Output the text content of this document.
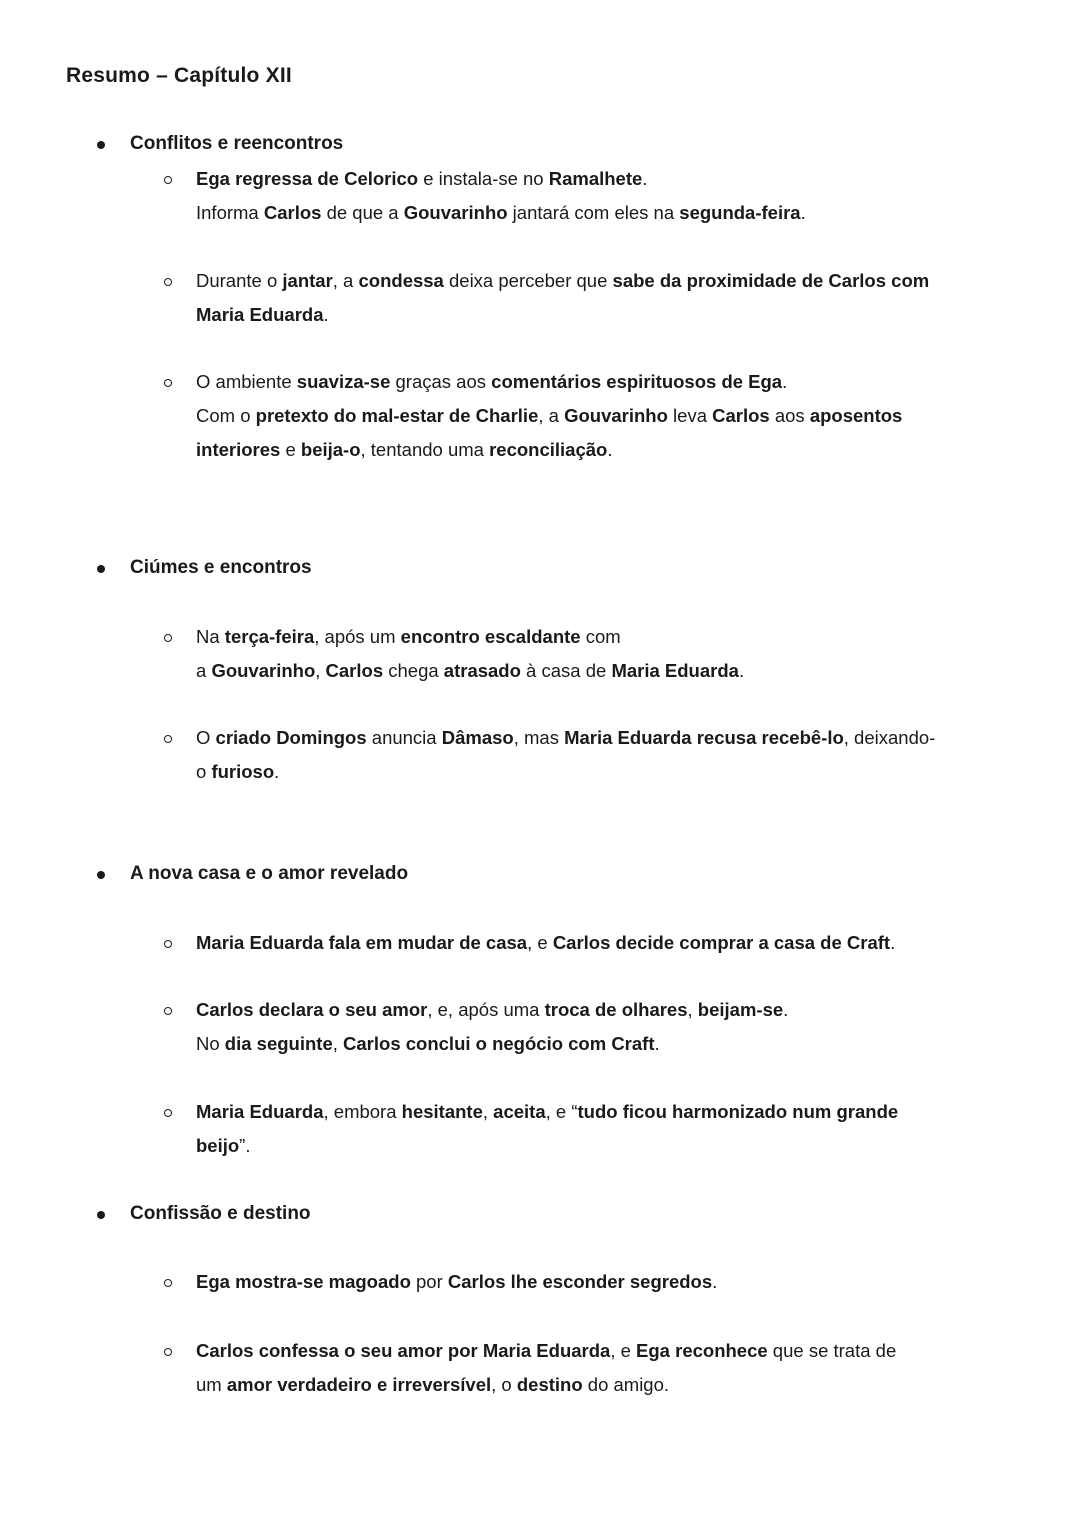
Resumo – Capítulo XII
Conflitos e reencontros
Ega regressa de Celorico e instala-se no Ramalhete.
Informa Carlos de que a Gouvarinho jantará com eles na segunda-feira.
Durante o jantar, a condessa deixa perceber que sabe da proximidade de Carlos com
Maria Eduarda.
O ambiente suaviza-se graças aos comentários espirituosos de Ega.
Com o pretexto do mal-estar de Charlie, a Gouvarinho leva Carlos aos aposentos
interiores e beija-o, tentando uma reconciliação.
Ciúmes e encontros
Na terça-feira, após um encontro escaldante com
a Gouvarinho, Carlos chega atrasado à casa de Maria Eduarda.
O criado Domingos anuncia Dâmaso, mas Maria Eduarda recusa recebê-lo, deixando-
o furioso.
A nova casa e o amor revelado
Maria Eduarda fala em mudar de casa, e Carlos decide comprar a casa de Craft.
Carlos declara o seu amor, e, após uma troca de olhares, beijam-se.
No dia seguinte, Carlos conclui o negócio com Craft.
Maria Eduarda, embora hesitante, aceita, e “tudo ficou harmonizado num grande
beijo”.
Confissão e destino
Ega mostra-se magoado por Carlos lhe esconder segredos.
Carlos confessa o seu amor por Maria Eduarda, e Ega reconhece que se trata de
um amor verdadeiro e irreversível, o destino do amigo.
